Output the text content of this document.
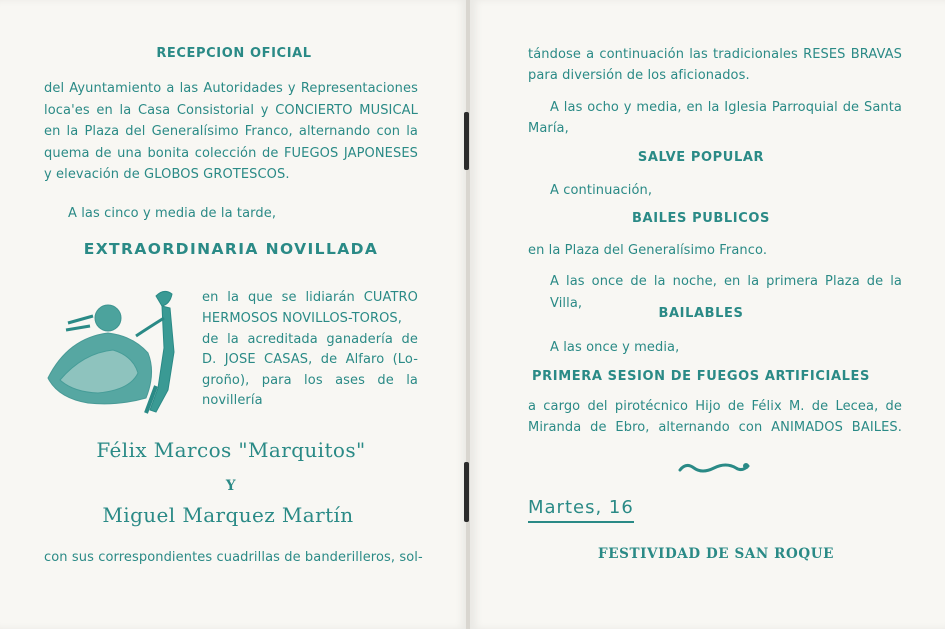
RECEPCION OFICIAL
del Ayuntamiento a las Autoridades y Representaciones
loca'es en la Casa Consistorial y CONCIERTO MUSICAL
en la Plaza del Generalísimo Franco, alternando con la
quema de una bonita colección de FUEGOS JAPONESES
y elevación de GLOBOS GROTESCOS.
A las cinco y media de la tarde,
EXTRAORDINARIA NOVILLADA
en la que se lidiarán CUATRO
HERMOSOS NOVILLOS-TOROS,
de la acreditada ganadería de
D. JOSE CASAS, de Alfaro (Lo-
groño), para los ases de la
novillería
Félix Marcos "Marquitos"
Y
Miguel Marquez Martín
con sus correspondientes cuadrillas de banderilleros, sol-
tándose a continuación las tradicionales RESES BRAVAS
para diversión de los aficionados.
A las ocho y media, en la Iglesia Parroquial de Santa
María,
SALVE POPULAR
A continuación,
BAILES PUBLICOS
en la Plaza del Generalísimo Franco.
A las once de la noche, en la primera Plaza de la Villa,
BAILABLES
A las once y media,
PRIMERA SESION DE FUEGOS ARTIFICIALES
a cargo del pirotécnico Hijo de Félix M. de Lecea, de
Miranda de Ebro, alternando con ANIMADOS BAILES.
Martes, 16
FESTIVIDAD DE SAN ROQUE
